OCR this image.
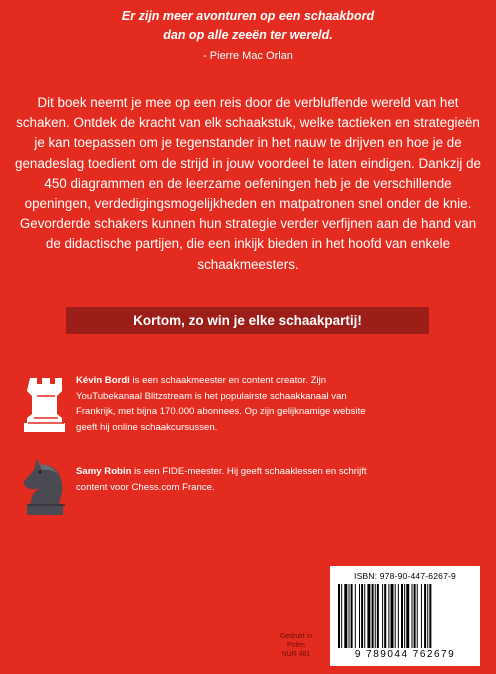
Er zijn meer avonturen op een schaakbord
dan op alle zeeën ter wereld.
- Pierre Mac Orlan
Dit boek neemt je mee op een reis door de verbluffende wereld van het schaken. Ontdek de kracht van elk schaakstuk, welke tactieken en strategieën je kan toepassen om je tegenstander in het nauw te drijven en hoe je de genadeslag toedient om de strijd in jouw voordeel te laten eindigen. Dankzij de 450 diagrammen en de leerzame oefeningen heb je de verschillende openingen, verdedigingsmogelijkheden en matpatronen snel onder de knie. Gevorderde schakers kunnen hun strategie verder verfijnen aan de hand van de didactische partijen, die een inkijk bieden in het hoofd van enkele schaakmeesters.
Kortom, zo win je elke schaakpartij!
Kévin Bordi is een schaakmeester en content creator. Zijn YouTubekanaal Blitzstream is het populairste schaakkanaal van Frankrijk, met bijna 170.000 abonnees. Op zijn gelijknamige website geeft hij online schaakcursussen.
Samy Robin is een FIDE-meester. Hij geeft schaaklessen en schrijft content voor Chess.com France.
Gedrukt in Polen
NUR 481
ISBN: 978-90-447-6267-9
9 789044 762679
